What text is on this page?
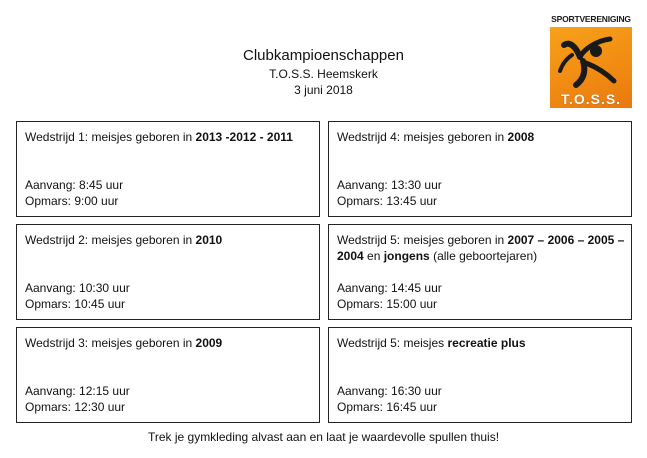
Clubkampioenschappen
T.O.S.S. Heemskerk
3 juni 2018
SPORTVERENIGING
T.O.S.S.
Wedstrijd 1: meisjes geboren in 2013 -2012 - 2011
Aanvang: 8:45 uur
Opmars: 9:00 uur
Wedstrijd 4: meisjes geboren in 2008
Aanvang: 13:30 uur
Opmars: 13:45 uur
Wedstrijd 2: meisjes geboren in 2010
Aanvang: 10:30 uur
Opmars: 10:45 uur
Wedstrijd 5: meisjes geboren in 2007 – 2006 – 2005 – 2004 en jongens (alle geboortejaren)
Aanvang: 14:45 uur
Opmars: 15:00 uur
Wedstrijd 3: meisjes geboren in 2009
Aanvang: 12:15 uur
Opmars: 12:30 uur
Wedstrijd 5: meisjes recreatie plus
Aanvang: 16:30 uur
Opmars: 16:45 uur
Trek je gymkleding alvast aan en laat je waardevolle spullen thuis!
